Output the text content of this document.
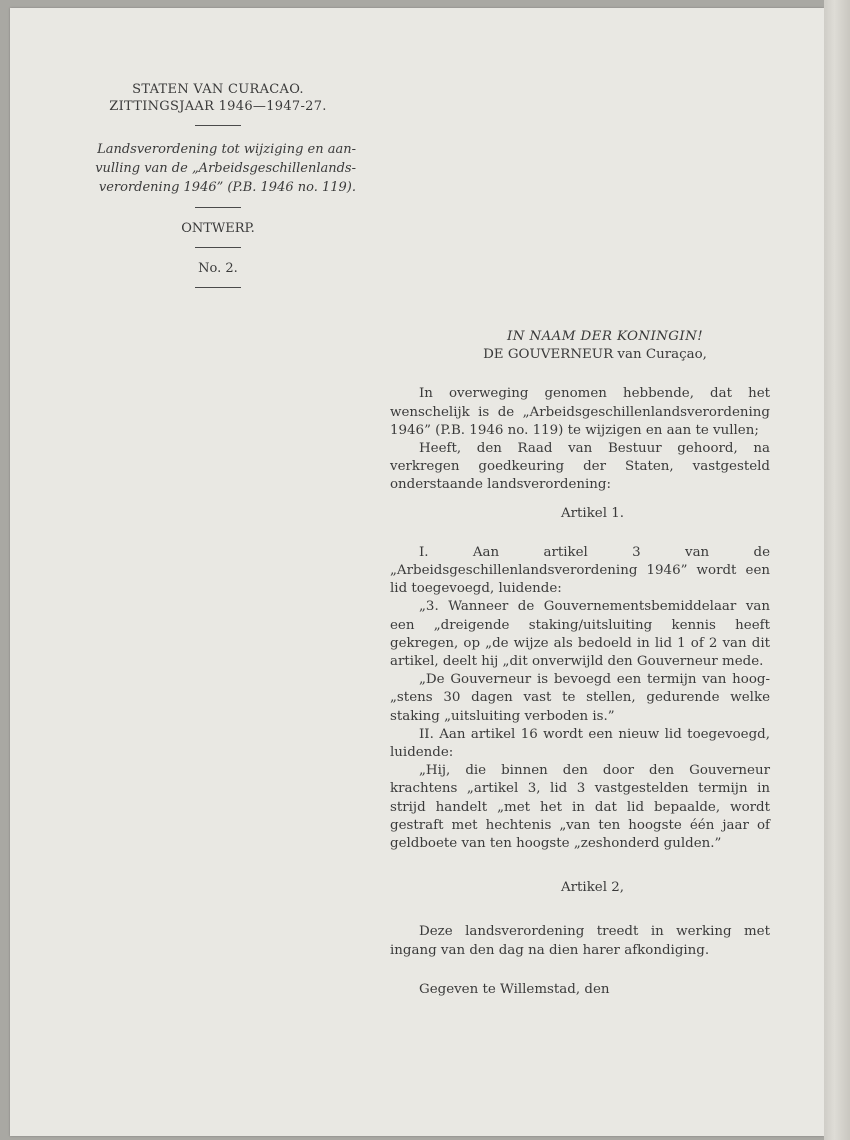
STATEN VAN CURACAO.
ZITTINGSJAAR 1946—1947-27.
Landsverordening tot wijziging en aan-
vulling van de „Arbeidsgeschillenlands-
verordening 1946” (P.B. 1946 no. 119).
ONTWERP.
No. 2.

IN NAAM DER KONINGIN!

DE GOUVERNEUR van Curaçao,

In overweging genomen hebbende, dat het wenschelijk is de „Arbeidsgeschillenlandsverordening 1946” (P.B. 1946 no. 119) te wijzigen en aan te vullen;

Heeft, den Raad van Bestuur gehoord, na verkregen goedkeuring der Staten, vastgesteld onderstaande landsverordening:

Artikel 1.

I. Aan artikel 3 van de „Arbeidsgeschillenlandsverordening 1946” wordt een lid toegevoegd, luidende:

„3. Wanneer de Gouvernementsbemiddelaar van een „dreigende staking/uitsluiting kennis heeft gekregen, op „de wijze als bedoeld in lid 1 of 2 van dit artikel, deelt hij „dit onverwijld den Gouverneur mede.

„De Gouverneur is bevoegd een termijn van hoog- „stens 30 dagen vast te stellen, gedurende welke staking „uitsluiting verboden is.”

II. Aan artikel 16 wordt een nieuw lid toegevoegd, luidende:

„Hij, die binnen den door den Gouverneur krachtens „artikel 3, lid 3 vastgestelden termijn in strijd handelt „met het in dat lid bepaalde, wordt gestraft met hechtenis „van ten hoogste één jaar of geldboete van ten hoogste „zeshonderd gulden.”

Artikel 2,

Deze landsverordening treedt in werking met ingang van den dag na dien harer afkondiging.

Gegeven te Willemstad, den
